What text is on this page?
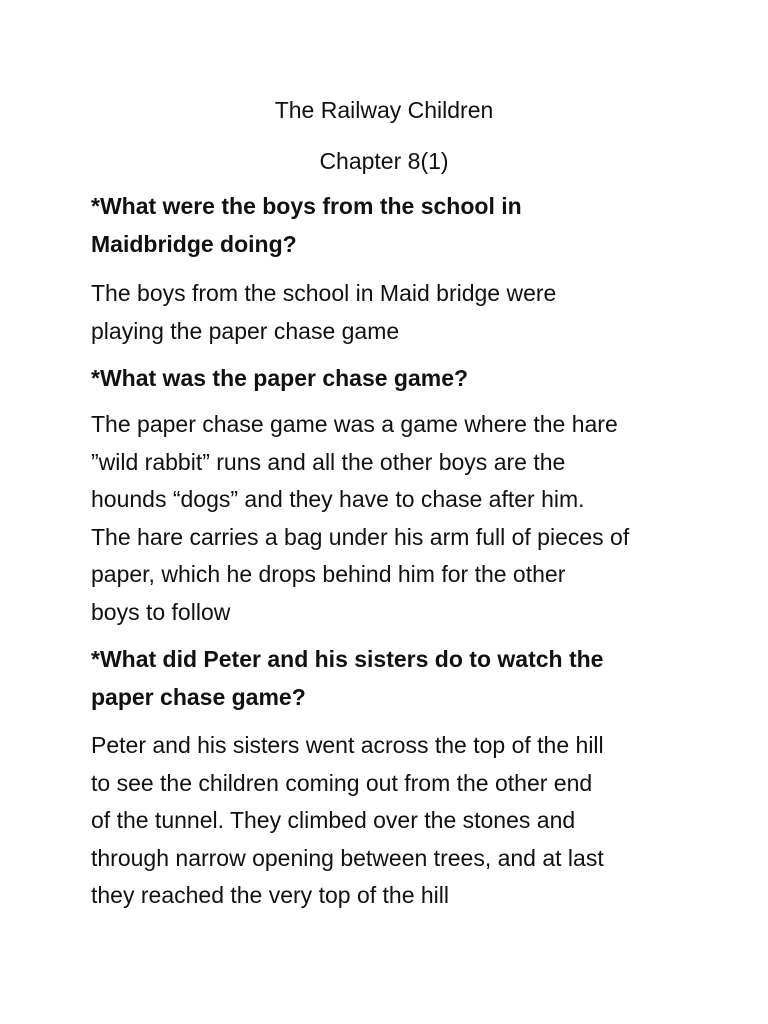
The Railway Children
Chapter 8(1)
*What were the boys from the school in
Maidbridge doing?
The boys from the school in Maid bridge were
playing the paper chase game
*What was the paper chase game?
The paper chase game was a game where the hare
”wild rabbit” runs and all the other boys are the
hounds “dogs” and they have to chase after him.
The hare carries a bag under his arm full of pieces of
paper, which he drops behind him for the other
boys to follow
*What did Peter and his sisters do to watch the
paper chase game?
Peter and his sisters went across the top of the hill
to see the children coming out from the other end
of the tunnel. They climbed over the stones and
through narrow opening between trees, and at last
they reached the very top of the hill
